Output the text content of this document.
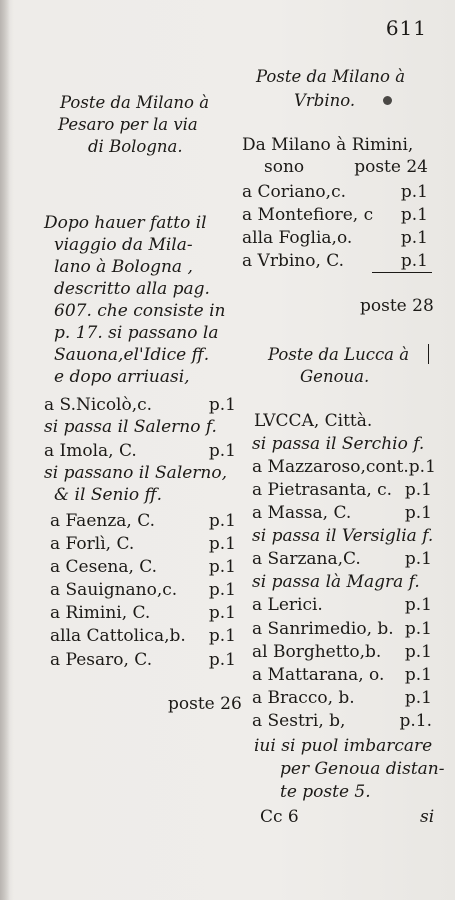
611
Poste da Milano à
Pesaro per la via
di Bologna.
Dopo hauer fatto il
viaggio da Mila-
lano à Bologna ,
descritto alla pag.
607. che consiste in
p. 17. si passano la
Sauona,el'Idice ff.
e dopo arriuasi,
a S.Nicolò,c.	p.1
si passa il Salerno f.
a Imola, C.	p.1
si passano il Salerno,
& il Senio ff.
a Faenza, C.	p.1
a Forlì, C.	p.1
a Cesena, C.	p.1
a Sauignano,c. p.1
a Rimini, C.	p.1
alla Cattolica,b. p.1
a Pesaro, C.	p.1
poste 26
Poste da Milano à
Vrbino.
Da Milano à Rimini,
sono	poste 24
a Coriano,c.	p.1
a Montefiore, c p.1
alla Foglia,o.	p.1
a Vrbino, C.	p.1
poste 28
Poste da Lucca à
Genoua.
LVCCA, Città.
si passa il Serchio f.
a Mazzaroso,cont. p.1
a Pietrasanta, c. p.1
a Massa, C.	p.1
si passa il Versiglia f.
a Sarzana,C.	p.1
si passa là Magra f.
a Lerici.	p.1
a Sanrimedio, b. p.1
al Borghetto,b. p.1
a Mattarana, o. p.1
a Bracco, b.	p.1
a Sestri, b,	p.1.
iui si puol imbarcare
per Genoua distan-
te poste 5.
Cc 6	si
